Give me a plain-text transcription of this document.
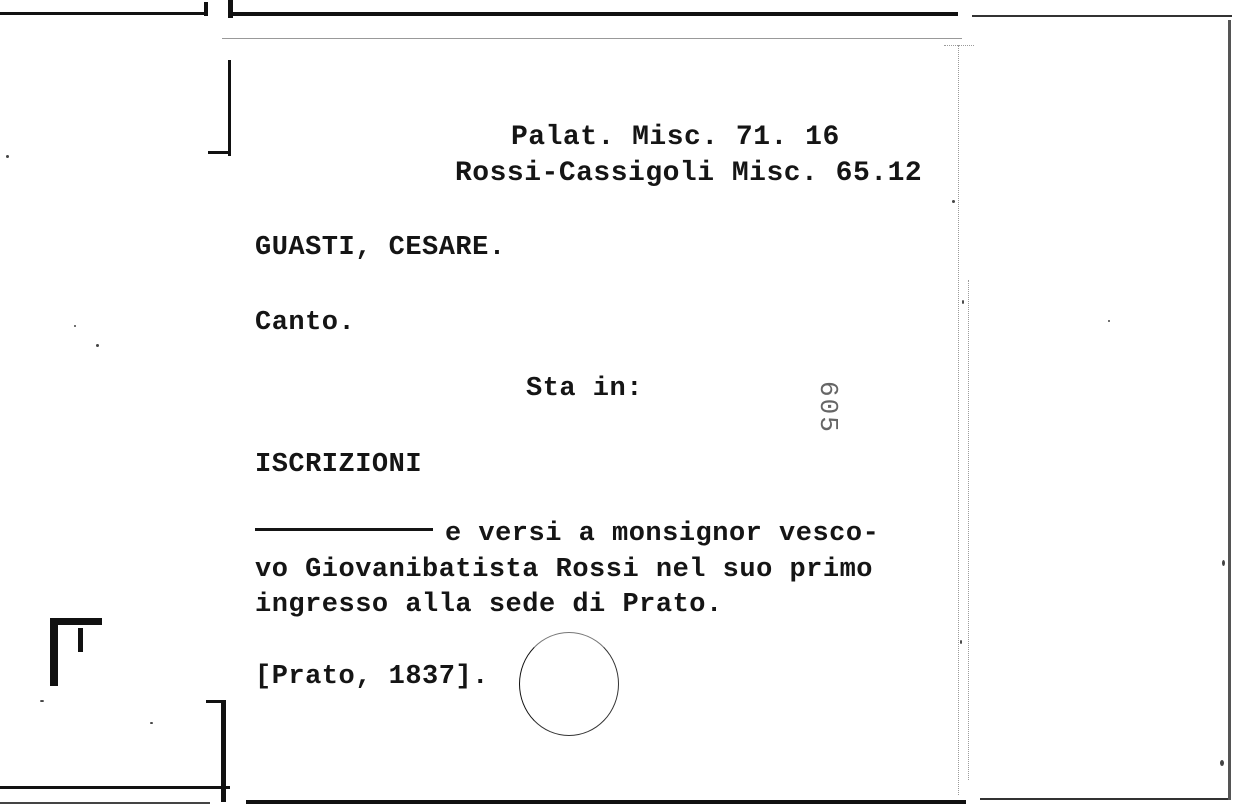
Palat. Misc. 71. 16
Rossi-Cassigoli Misc. 65.12
GUASTI, CESARE.
Canto.
Sta in:	605
ISCRIZIONI
e versi a monsignor vesco-
vo Giovanibatista Rossi nel suo primo
ingresso alla sede di Prato.
[Prato, 1837].
